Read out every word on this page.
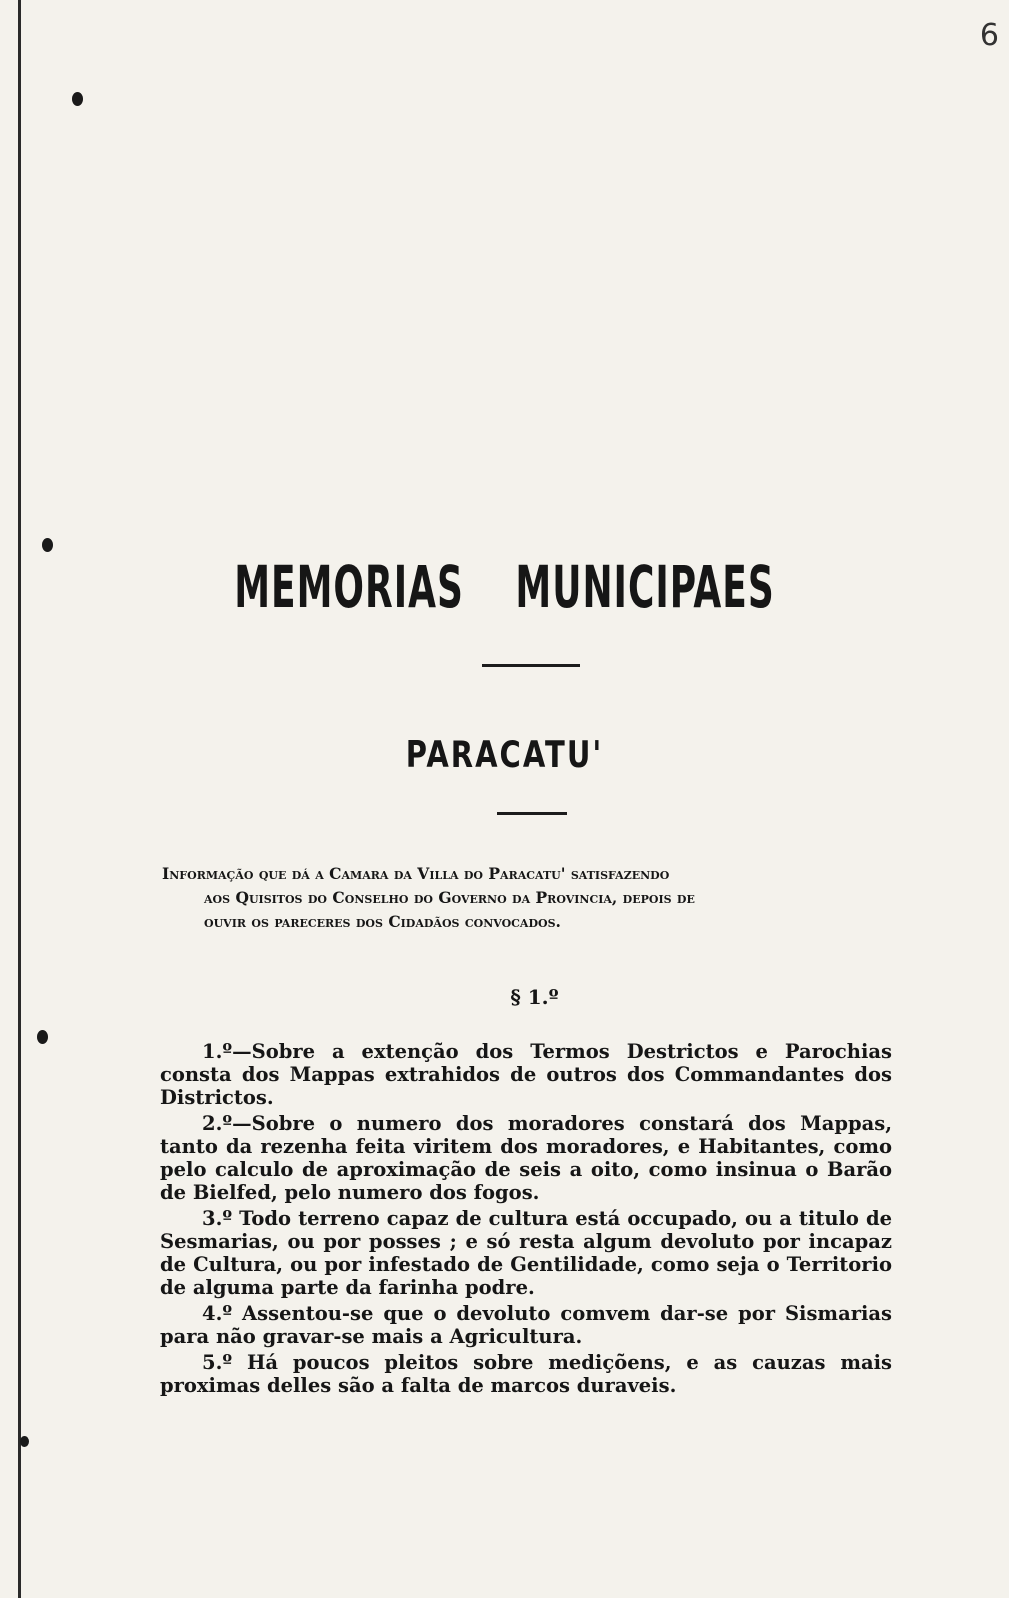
6
MEMORIAS MUNICIPAES
PARACATU'
Informação que dá a Camara da Villa do Paracatu' satisfazendo
aos Quisitos do Conselho do Governo da Provincia, depois de
ouvir os pareceres dos Cidadãos convocados.
§ 1.º

1.º—Sobre a extenção dos Termos Destrictos e Parochias consta dos Mappas extrahidos de outros dos Commandantes dos Districtos.

2.º—Sobre o numero dos moradores constará dos Mappas, tanto da rezenha feita viritem dos moradores, e Habitantes, como pelo calculo de aproximação de seis a oito, como insinua o Barão de Bielfed, pelo numero dos fogos.

3.º Todo terreno capaz de cultura está occupado, ou a titulo de Sesmarias, ou por posses ; e só resta algum devoluto por incapaz de Cultura, ou por infestado de Gentilidade, como seja o Territorio de alguma parte da farinha podre.

4.º Assentou-se que o devoluto comvem dar-se por Sismarias para não gravar-se mais a Agricultura.

5.º Há poucos pleitos sobre mediçõens, e as cauzas mais proximas delles são a falta de marcos duraveis.
